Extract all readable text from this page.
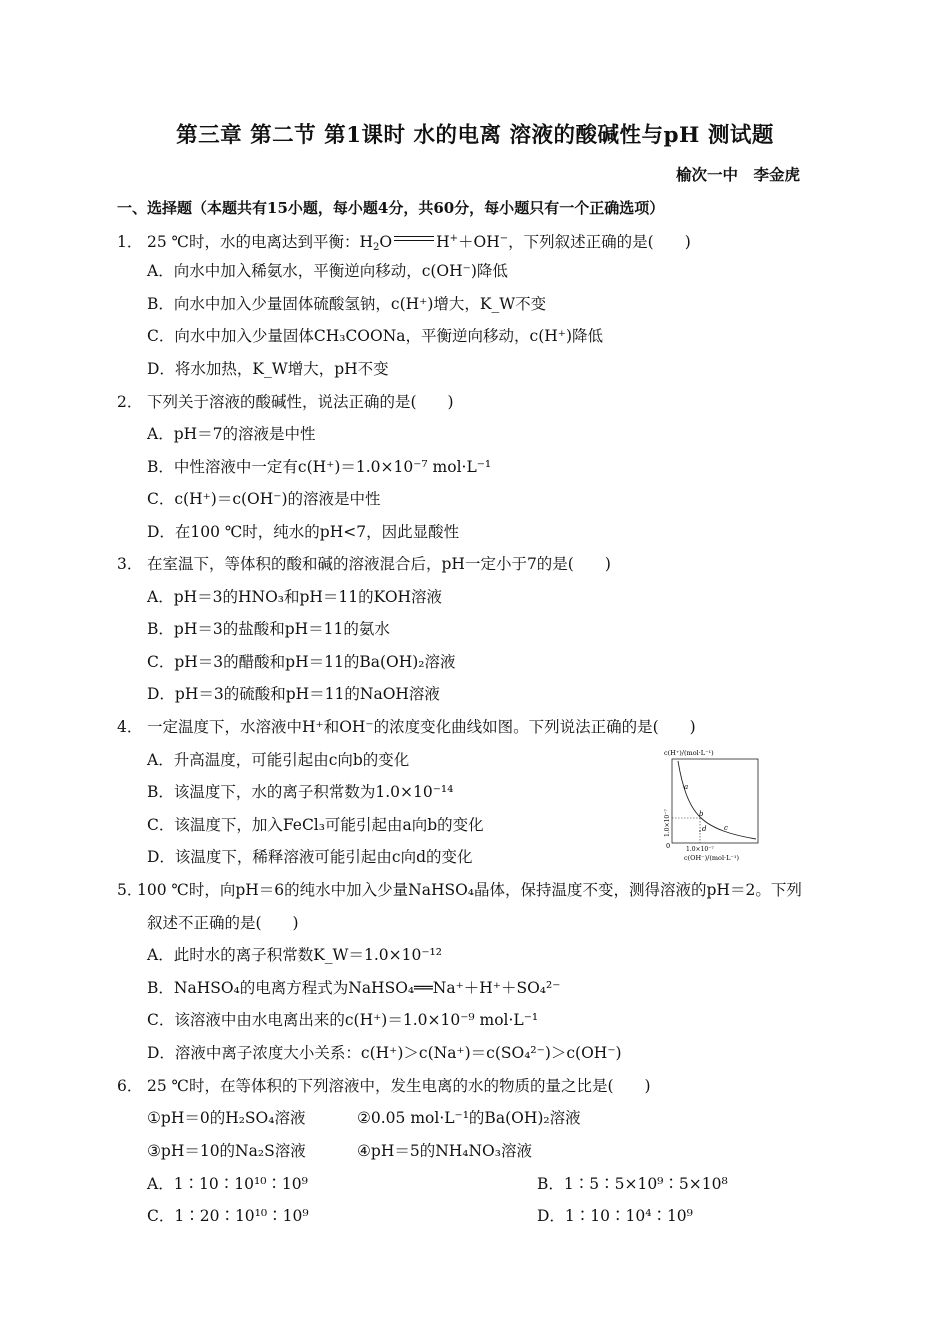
第三章 第二节 第1课时 水的电离 溶液的酸碱性与pH 测试题
榆次一中　李金虎
一、选择题（本题共有15小题，每小题4分，共60分，每小题只有一个正确选项）
1． 25 ℃时，水的电离达到平衡：$H_2O$	H+＋OH−，下列叙述正确的是(　　)
A．向水中加入稀氨水，平衡逆向移动，c(OH⁻)降低
B．向水中加入少量固体硫酸氢钠，c(H⁺)增大，K_W不变
C．向水中加入少量固体CH₃COONa，平衡逆向移动，c(H⁺)降低
D．将水加热，K_W增大，pH不变
2． 下列关于溶液的酸碱性，说法正确的是(　　)
A．pH＝7的溶液是中性
B．中性溶液中一定有c(H⁺)＝1.0×10⁻⁷ mol·L⁻¹
C．c(H⁺)＝c(OH⁻)的溶液是中性
D．在100 ℃时，纯水的pH<7，因此显酸性
3． 在室温下，等体积的酸和碱的溶液混合后，pH一定小于7的是(　　)
A．pH＝3的HNO₃和pH＝11的KOH溶液
B．pH＝3的盐酸和pH＝11的氨水
C．pH＝3的醋酸和pH＝11的Ba(OH)₂溶液
D．pH＝3的硫酸和pH＝11的NaOH溶液
4． 一定温度下，水溶液中H⁺和OH⁻的浓度变化曲线如图。下列说法正确的是(　　)
A．升高温度，可能引起由c向b的变化
B．该温度下，水的离子积常数为1.0×10⁻¹⁴
C．该温度下，加入FeCl₃可能引起由a向b的变化
D．该温度下，稀释溶液可能引起由c向d的变化
c(H⁺)/(mol·L⁻¹)
a
b
c
d
1.0×10⁻⁷
0	1.0×10⁻⁷
c(OH⁻)/(mol·L⁻¹)
5．100 ℃时，向pH＝6的纯水中加入少量NaHSO₄晶体，保持温度不变，测得溶液的pH＝2。下列
叙述不正确的是(　　)
A．此时水的离子积常数K_W＝1.0×10⁻¹²
B．NaHSO₄的电离方程式为NaHSO₄══Na⁺＋H⁺＋SO₄²⁻
C．该溶液中由水电离出来的c(H⁺)＝1.0×10⁻⁹ mol·L⁻¹
D．溶液中离子浓度大小关系：c(H⁺)＞c(Na⁺)＝c(SO₄²⁻)＞c(OH⁻)
6． 25 ℃时，在等体积的下列溶液中，发生电离的水的物质的量之比是(　　)
①pH＝0的H₂SO₄溶液	②0.05 mol·L⁻¹的Ba(OH)₂溶液
③pH＝10的Na₂S溶液	④pH＝5的NH₄NO₃溶液
A．1∶10∶10¹⁰∶10⁹	B．1∶5∶5×10⁹∶5×10⁸
C．1∶20∶10¹⁰∶10⁹	D．1∶10∶10⁴∶10⁹
